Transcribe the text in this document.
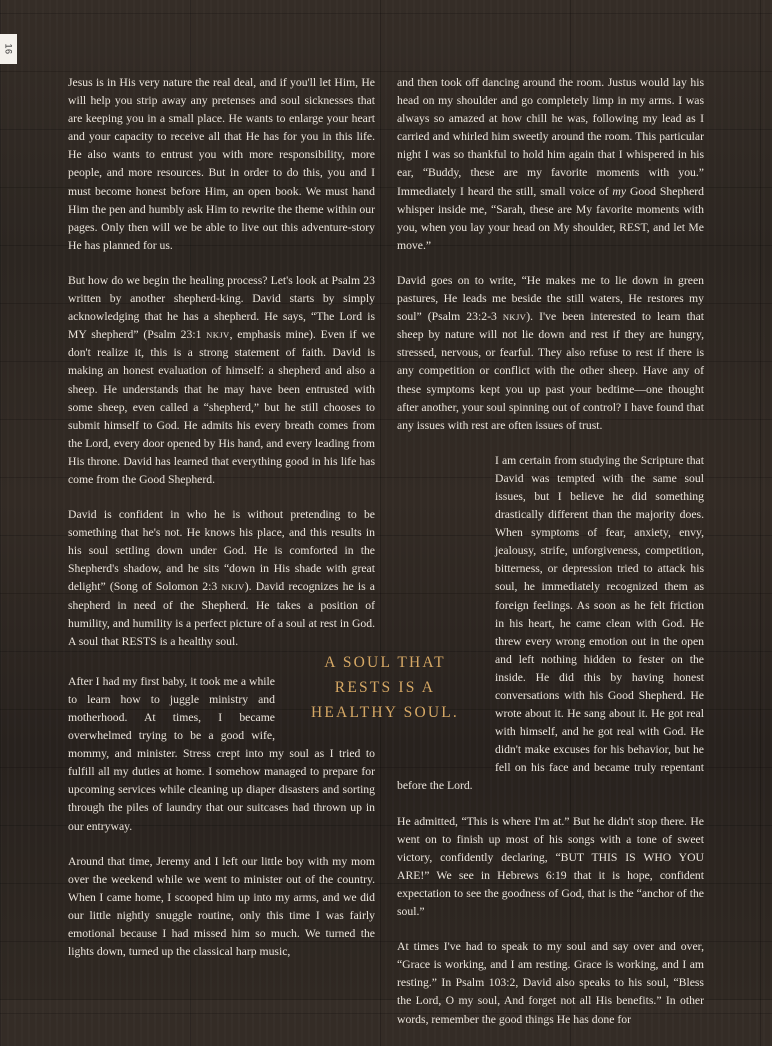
16

Jesus is in His very nature the real deal, and if you'll let Him, He will help you strip away any pretenses and soul sicknesses that are keeping you in a small place. He wants to enlarge your heart and your capacity to receive all that He has for you in this life. He also wants to entrust you with more responsibility, more people, and more resources. But in order to do this, you and I must become honest before Him, an open book. We must hand Him the pen and humbly ask Him to rewrite the theme within our pages. Only then will we be able to live out this adventure-story He has planned for us.

But how do we begin the healing process? Let's look at Psalm 23 written by another shepherd-king. David starts by simply acknowledging that he has a shepherd. He says, “The Lord is MY shepherd” (Psalm 23:1 NKJV, emphasis mine). Even if we don't realize it, this is a strong statement of faith. David is making an honest evaluation of himself: a shepherd and also a sheep. He understands that he may have been entrusted with some sheep, even called a “shepherd,” but he still chooses to submit himself to God. He admits his every breath comes from the Lord, every door opened by His hand, and every leading from His throne. David has learned that everything good in his life has come from the Good Shepherd.

David is confident in who he is without pretending to be something that he's not. He knows his place, and this results in his soul settling down under God. He is comforted in the Shepherd's shadow, and he sits “down in His shade with great delight” (Song of Solomon 2:3 NKJV). David recognizes he is a shepherd in need of the Shepherd. He takes a position of humility, and humility is a perfect picture of a soul at rest in God. A soul that RESTS is a healthy soul.

After I had my first baby, it took me a while to learn how to juggle ministry and motherhood. At times, I became overwhelmed trying to be a good wife, mommy, and minister. Stress crept into my soul as I tried to fulfill all my duties at home. I somehow managed to prepare for upcoming services while cleaning up diaper disasters and sorting through the piles of laundry that our suitcases had thrown up in our entryway.

Around that time, Jeremy and I left our little boy with my mom over the weekend while we went to minister out of the country. When I came home, I scooped him up into my arms, and we did our little nightly snuggle routine, only this time I was fairly emotional because I had missed him so much. We turned the lights down, turned up the classical harp music,

A SOUL THAT
RESTS IS A
HEALTHY SOUL.

and then took off dancing around the room. Justus would lay his head on my shoulder and go completely limp in my arms. I was always so amazed at how chill he was, following my lead as I carried and whirled him sweetly around the room. This particular night I was so thankful to hold him again that I whispered in his ear, “Buddy, these are my favorite moments with you.” Immediately I heard the still, small voice of my Good Shepherd whisper inside me, “Sarah, these are My favorite moments with you, when you lay your head on My shoulder, REST, and let Me move.”

David goes on to write, “He makes me to lie down in green pastures, He leads me beside the still waters, He restores my soul” (Psalm 23:2-3 NKJV). I've been interested to learn that sheep by nature will not lie down and rest if they are hungry, stressed, nervous, or fearful. They also refuse to rest if there is any competition or conflict with the other sheep. Have any of these symptoms kept you up past your bedtime—one thought after another, your soul spinning out of control? I have found that any issues with rest are often issues of trust.

I am certain from studying the Scripture that David was tempted with the same soul issues, but I believe he did something drastically different than the majority does. When symptoms of fear, anxiety, envy, jealousy, strife, unforgiveness, competition, bitterness, or depression tried to attack his soul, he immediately recognized them as foreign feelings. As soon as he felt friction in his heart, he came clean with God. He threw every wrong emotion out in the open and left nothing hidden to fester on the inside. He did this by having honest conversations with his Good Shepherd. He wrote about it. He sang about it. He got real with himself, and he got real with God. He didn't make excuses for his behavior, but he fell on his face and became truly repentant before the Lord.

He admitted, “This is where I'm at.” But he didn't stop there. He went on to finish up most of his songs with a tone of sweet victory, confidently declaring, “BUT THIS IS WHO YOU ARE!” We see in Hebrews 6:19 that it is hope, confident expectation to see the goodness of God, that is the “anchor of the soul.”

At times I've had to speak to my soul and say over and over, “Grace is working, and I am resting. Grace is working, and I am resting.” In Psalm 103:2, David also speaks to his soul, “Bless the Lord, O my soul, And forget not all His benefits.” In other words, remember the good things He has done for
